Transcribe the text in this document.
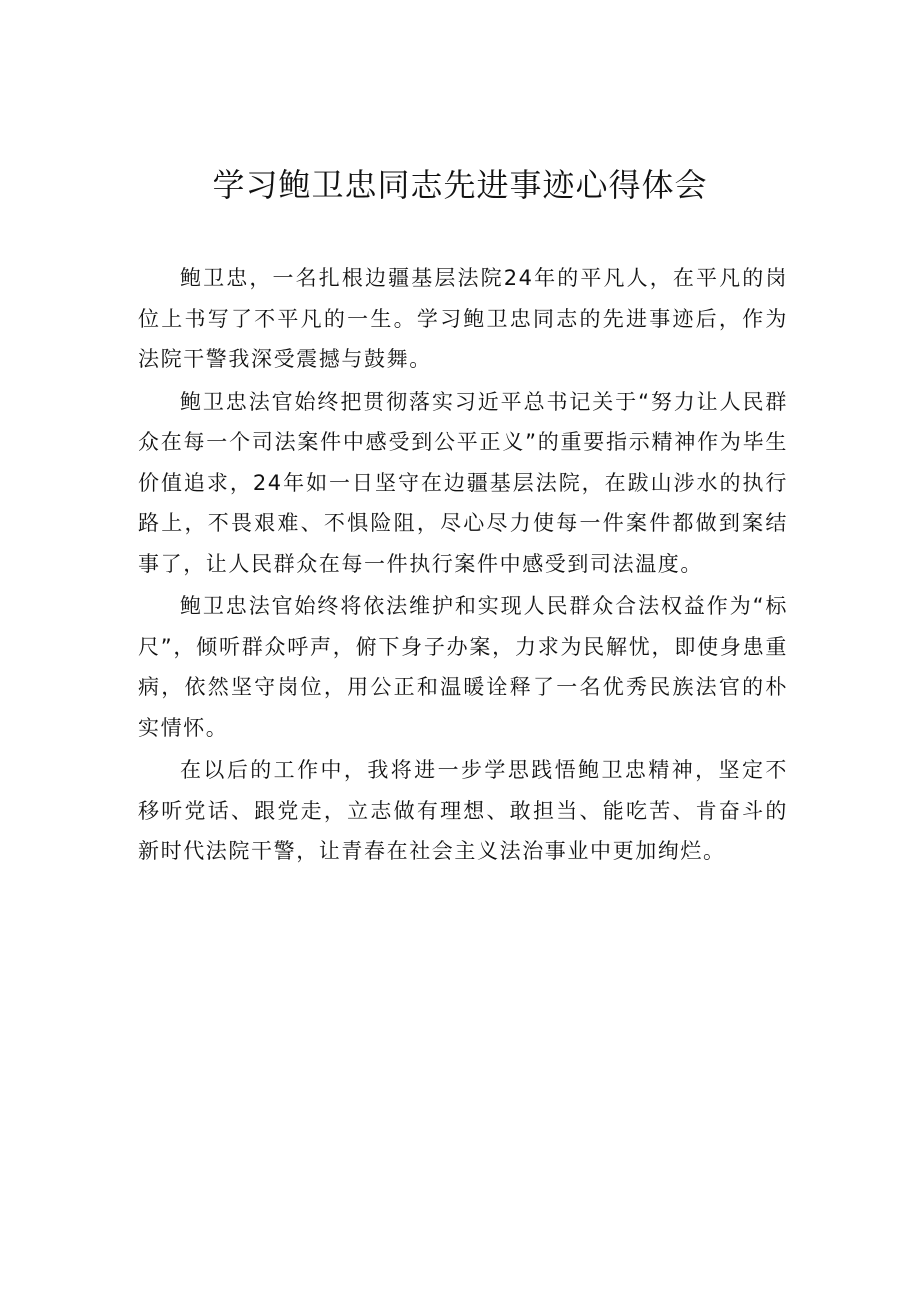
学习鲍卫忠同志先进事迹心得体会

鲍卫忠，一名扎根边疆基层法院24年的平凡人，在平凡的岗位上书写了不平凡的一生。学习鲍卫忠同志的先进事迹后，作为法院干警我深受震撼与鼓舞。

鲍卫忠法官始终把贯彻落实习近平总书记关于“努力让人民群众在每一个司法案件中感受到公平正义”的重要指示精神作为毕生价值追求，24年如一日坚守在边疆基层法院，在跋山涉水的执行路上，不畏艰难、不惧险阻，尽心尽力使每一件案件都做到案结事了，让人民群众在每一件执行案件中感受到司法温度。

鲍卫忠法官始终将依法维护和实现人民群众合法权益作为“标尺”，倾听群众呼声，俯下身子办案，力求为民解忧，即使身患重病，依然坚守岗位，用公正和温暖诠释了一名优秀民族法官的朴实情怀。

在以后的工作中，我将进一步学思践悟鲍卫忠精神，坚定不移听党话、跟党走，立志做有理想、敢担当、能吃苦、肯奋斗的新时代法院干警，让青春在社会主义法治事业中更加绚烂。
